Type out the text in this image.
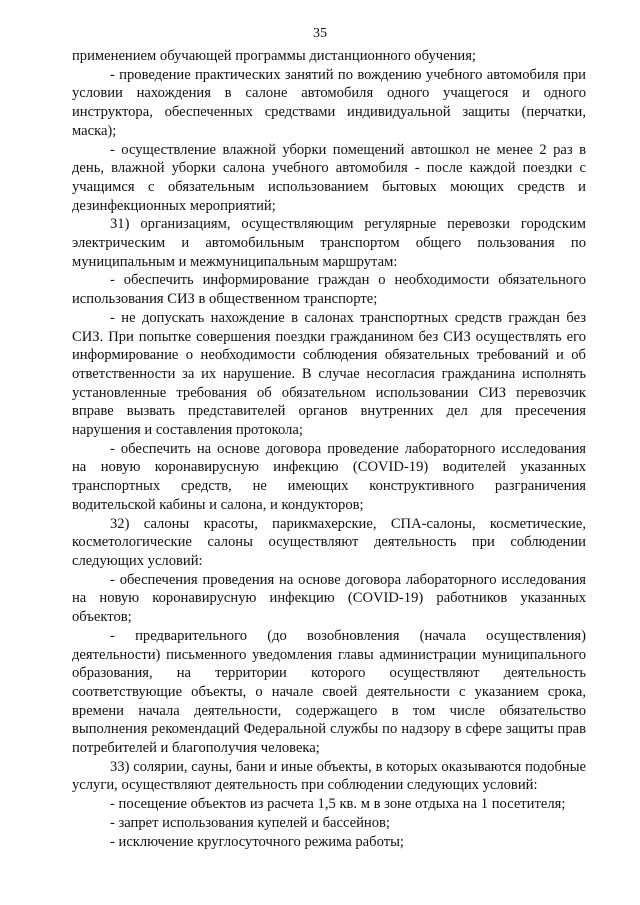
35

применением обучающей программы дистанционного обучения;

- проведение практических занятий по вождению учебного автомобиля при условии нахождения в салоне автомобиля одного учащегося и одного инструктора, обеспеченных средствами индивидуальной защиты (перчатки, маска);

- осуществление влажной уборки помещений автошкол не менее 2 раз в день, влажной уборки салона учебного автомобиля - после каждой поездки с учащимся с обязательным использованием бытовых моющих средств и дезинфекционных мероприятий;

31) организациям, осуществляющим регулярные перевозки городским электрическим и автомобильным транспортом общего пользования по муниципальным и межмуниципальным маршрутам:

- обеспечить информирование граждан о необходимости обязательного использования СИЗ в общественном транспорте;

- не допускать нахождение в салонах транспортных средств граждан без СИЗ. При попытке совершения поездки гражданином без СИЗ осуществлять его информирование о необходимости соблюдения обязательных требований и об ответственности за их нарушение. В случае несогласия гражданина исполнять установленные требования об обязательном использовании СИЗ перевозчик вправе вызвать представителей органов внутренних дел для пресечения нарушения и составления протокола;

- обеспечить на основе договора проведение лабораторного исследования на новую коронавирусную инфекцию (COVID-19) водителей указанных транспортных средств, не имеющих конструктивного разграничения водительской кабины и салона, и кондукторов;

32) салоны красоты, парикмахерские, СПА-салоны, косметические, косметологические салоны осуществляют деятельность при соблюдении следующих условий:

- обеспечения проведения на основе договора лабораторного исследования на новую коронавирусную инфекцию (COVID-19) работников указанных объектов;

- предварительного (до возобновления (начала осуществления) деятельности) письменного уведомления главы администрации муниципального образования, на территории которого осуществляют деятельность соответствующие объекты, о начале своей деятельности с указанием срока, времени начала деятельности, содержащего в том числе обязательство выполнения рекомендаций Федеральной службы по надзору в сфере защиты прав потребителей и благополучия человека;

33) солярии, сауны, бани и иные объекты, в которых оказываются подобные услуги, осуществляют деятельность при соблюдении следующих условий:

- посещение объектов из расчета 1,5 кв. м в зоне отдыха на 1 посетителя;

- запрет использования купелей и бассейнов;

- исключение круглосуточного режима работы;
